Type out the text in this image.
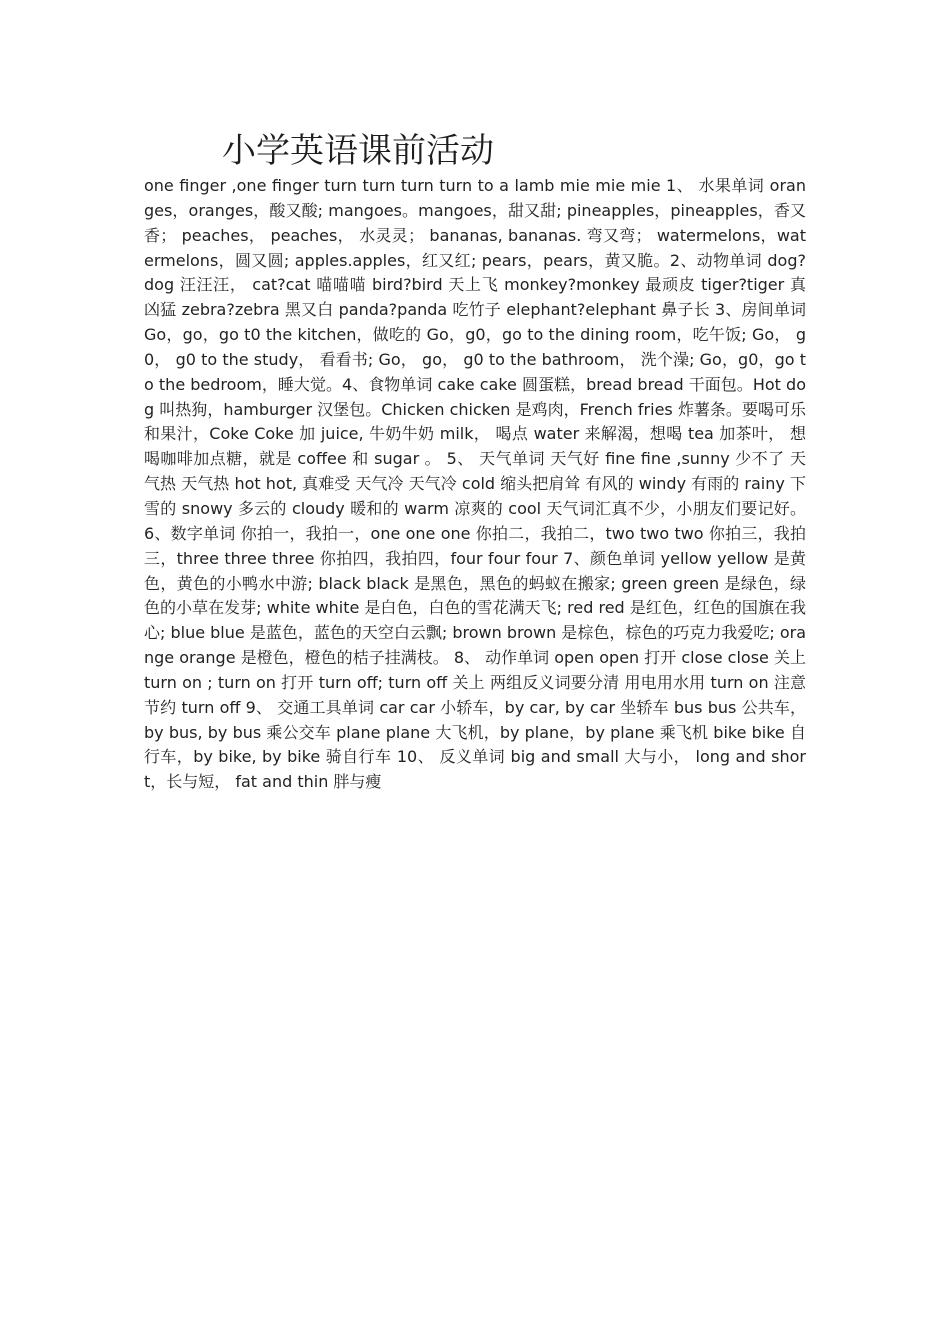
小学英语课前活动

one finger ,one finger turn turn turn turn to a lamb mie mie mie 1、 水果单词 oranges，oranges，酸又酸; mangoes。mangoes，甜又甜; pineapples，pineapples，香又香； peaches， peaches， 水灵灵； bananas, bananas. 弯又弯； watermelons，watermelons，圆又圆; apples.apples，红又红; pears，pears，黄又脆。2、动物单词 dog?dog 汪汪汪， cat?cat 喵喵喵 bird?bird 天上飞 monkey?monkey 最顽皮 tiger?tiger 真凶猛 zebra?zebra 黑又白 panda?panda 吃竹子 elephant?elephant 鼻子长 3、房间单词 Go，go，go t0 the kitchen，做吃的 Go，g0，go to the dining room，吃午饭; Go， g0， g0 to the study， 看看书; Go， go， g0 to the bathroom， 洗个澡; Go，g0，go to the bedroom，睡大觉。4、食物单词 cake cake 圆蛋糕，bread bread 干面包。Hot dog 叫热狗，hamburger 汉堡包。Chicken chicken 是鸡肉，French fries 炸薯条。要喝可乐和果汁，Coke Coke 加 juice, 牛奶牛奶 milk， 喝点 water 来解渴，想喝 tea 加茶叶， 想喝咖啡加点糖，就是 coffee 和 sugar 。 5、 天气单词 天气好 fine fine ,sunny 少不了 天气热 天气热 hot hot, 真难受 天气冷 天气冷 cold 缩头把肩耸 有风的 windy 有雨的 rainy 下雪的 snowy 多云的 cloudy 暖和的 warm 凉爽的 cool 天气词汇真不少，小朋友们要记好。6、数字单词 你拍一，我拍一，one one one 你拍二，我拍二，two two two 你拍三，我拍三，three three three 你拍四，我拍四，four four four 7、颜色单词 yellow yellow 是黄色，黄色的小鸭水中游; black black 是黑色，黑色的蚂蚁在搬家; green green 是绿色，绿色的小草在发芽; white white 是白色，白色的雪花满天飞; red red 是红色，红色的国旗在我心; blue blue 是蓝色，蓝色的天空白云飘; brown brown 是棕色，棕色的巧克力我爱吃; orange orange 是橙色，橙色的桔子挂满枝。 8、 动作单词 open open 打开 close close 关上 turn on ; turn on 打开 turn off; turn off 关上 两组反义词要分清 用电用水用 turn on 注意节约 turn off 9、 交通工具单词 car car 小轿车，by car, by car 坐轿车 bus bus 公共车，by bus, by bus 乘公交车 plane plane 大飞机，by plane，by plane 乘飞机 bike bike 自行车，by bike, by bike 骑自行车 10、 反义单词 big and small 大与小， long and short，长与短， fat and thin 胖与瘦
